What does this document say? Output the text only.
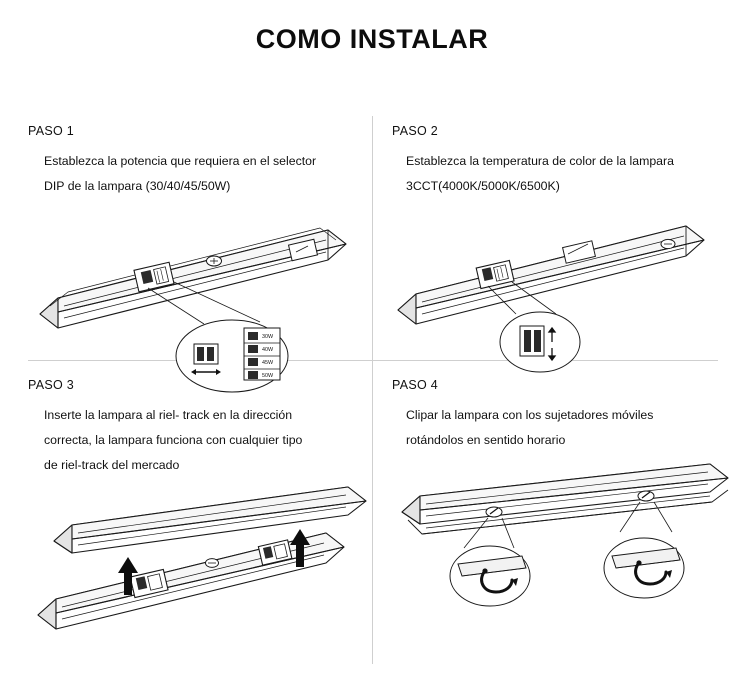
COMO INSTALAR
PASO 1

Establezca la potencia que requiera en el selector

DIP de la lampara (30/40/45/50W)

30W
40W
45W
50W
PASO 2

Establezca la temperatura de color de la lampara

3CCT(4000K/5000K/6500K)

PASO 3

Inserte la lampara al riel- track en la dirección

correcta, la lampara funciona con cualquier tipo

de riel-track del mercado

PASO 4

Clipar la lampara con los sujetadores móviles

rotándolos en sentido horario
